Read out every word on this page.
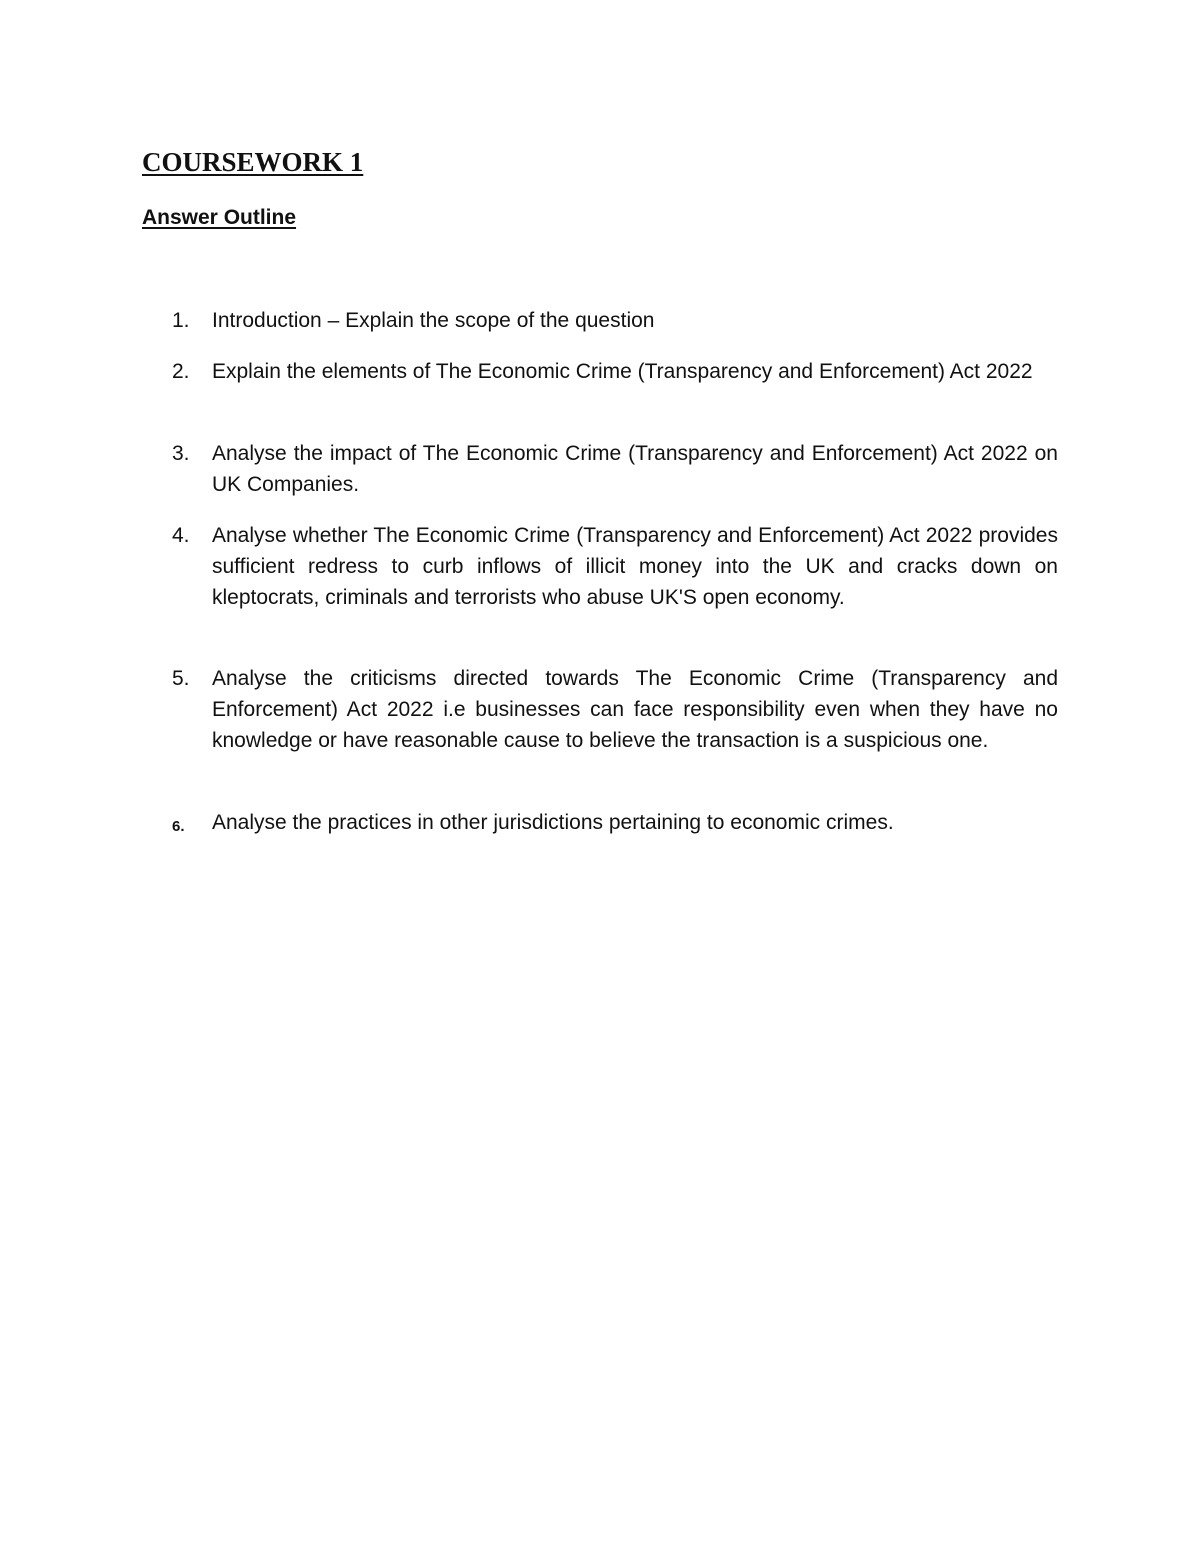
COURSEWORK 1
Answer Outline
1.	Introduction – Explain the scope of the question
2.	Explain the elements of The Economic Crime (Transparency and Enforcement) Act 2022
3.	Analyse the impact of The Economic Crime (Transparency and Enforcement) Act 2022 on UK Companies.
4.	Analyse whether The Economic Crime (Transparency and Enforcement) Act 2022 provides sufficient redress to curb inflows of illicit money into the UK and cracks down on kleptocrats, criminals and terrorists who abuse UK'S open economy.
5.	Analyse the criticisms directed towards The Economic Crime (Transparency and Enforcement) Act 2022 i.e businesses can face responsibility even when they have no knowledge or have reasonable cause to believe the transaction is a suspicious one.
6.	Analyse the practices in other jurisdictions pertaining to economic crimes.
